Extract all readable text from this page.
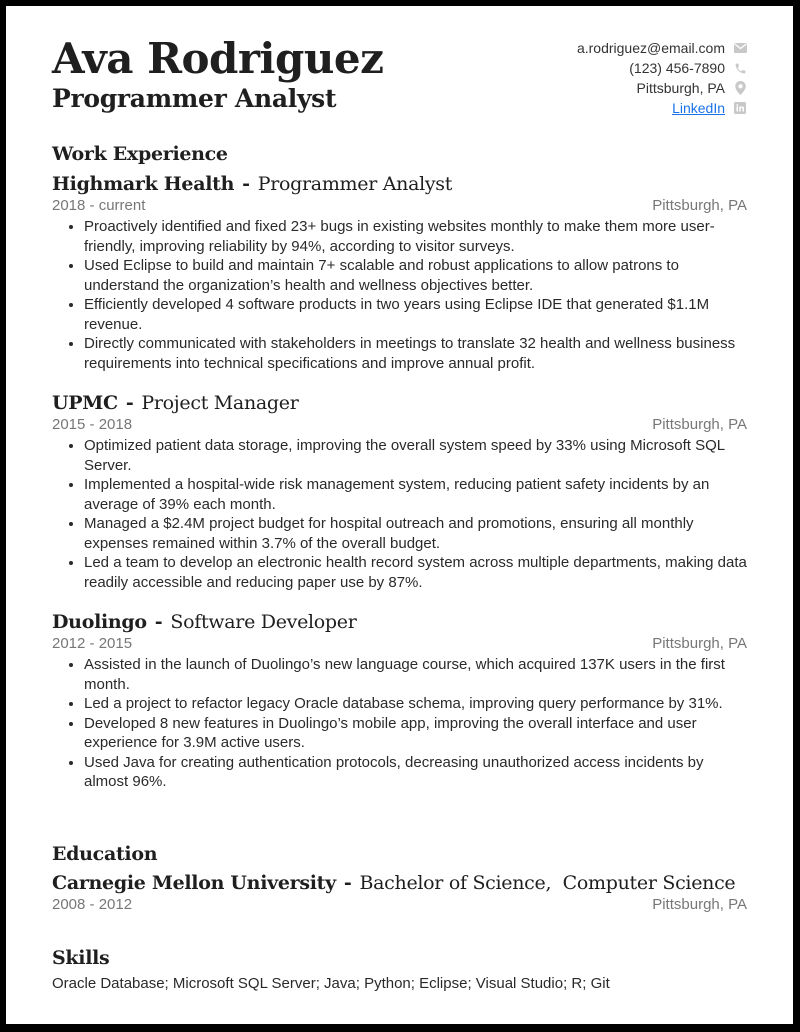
Ava Rodriguez
Programmer Analyst
a.rodriguez@email.com
(123) 456-7890
Pittsburgh, PA
LinkedIn
Work Experience
Highmark Health - Programmer Analyst
2018 - current	Pittsburgh, PA
• Proactively identified and fixed 23+ bugs in existing websites monthly to make them more user-friendly, improving reliability by 94%, according to visitor surveys.
• Used Eclipse to build and maintain 7+ scalable and robust applications to allow patrons to understand the organization’s health and wellness objectives better.
• Efficiently developed 4 software products in two years using Eclipse IDE that generated $1.1M revenue.
• Directly communicated with stakeholders in meetings to translate 32 health and wellness business requirements into technical specifications and improve annual profit.
UPMC - Project Manager
2015 - 2018	Pittsburgh, PA
• Optimized patient data storage, improving the overall system speed by 33% using Microsoft SQL Server.
• Implemented a hospital-wide risk management system, reducing patient safety incidents by an average of 39% each month.
• Managed a $2.4M project budget for hospital outreach and promotions, ensuring all monthly expenses remained within 3.7% of the overall budget.
• Led a team to develop an electronic health record system across multiple departments, making data readily accessible and reducing paper use by 87%.
Duolingo - Software Developer
2012 - 2015	Pittsburgh, PA
• Assisted in the launch of Duolingo’s new language course, which acquired 137K users in the first month.
• Led a project to refactor legacy Oracle database schema, improving query performance by 31%.
• Developed 8 new features in Duolingo’s mobile app, improving the overall interface and user experience for 3.9M active users.
• Used Java for creating authentication protocols, decreasing unauthorized access incidents by almost 96%.
Education
Carnegie Mellon University - Bachelor of Science,  Computer Science
2008 - 2012	Pittsburgh, PA
Skills
Oracle Database; Microsoft SQL Server; Java; Python; Eclipse; Visual Studio; R; Git
